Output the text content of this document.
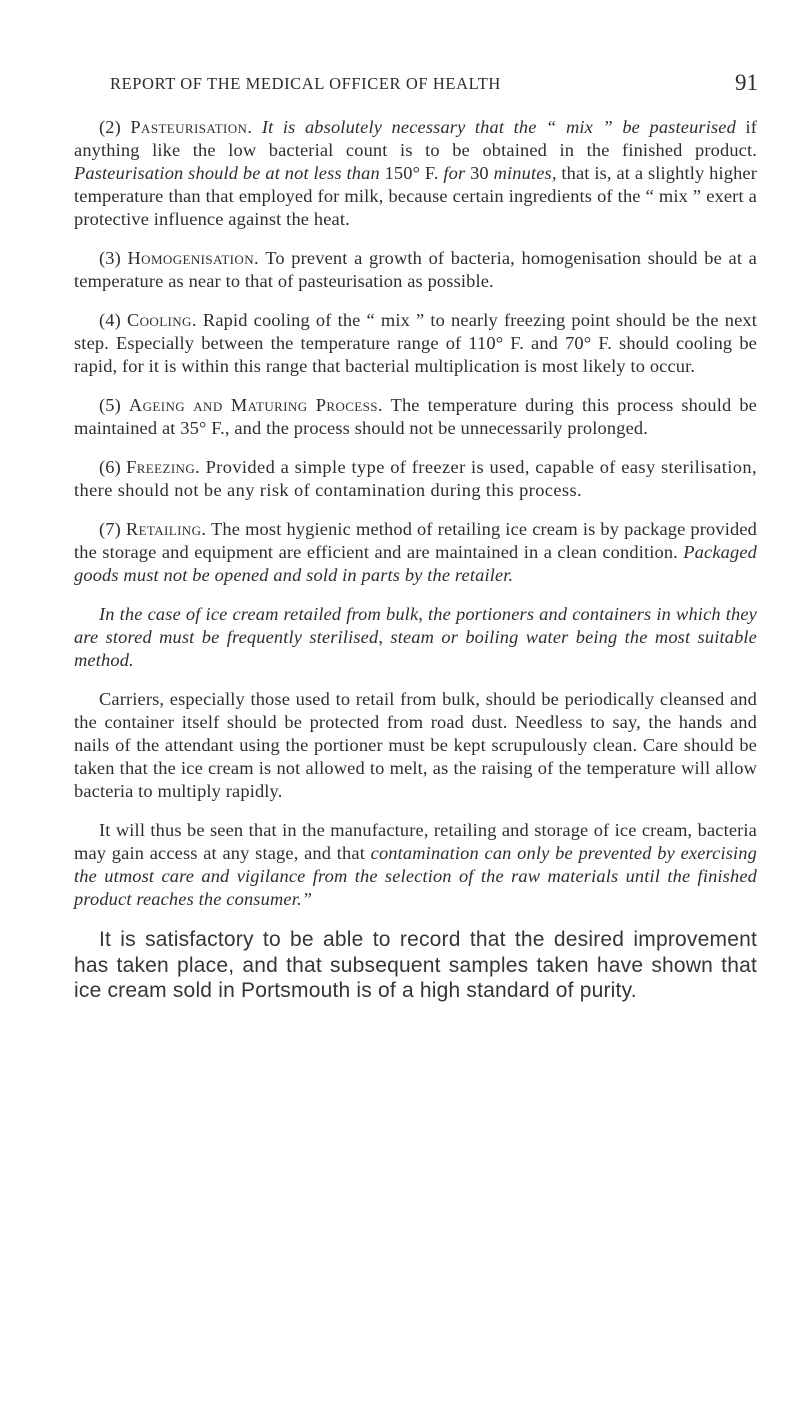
REPORT OF THE MEDICAL OFFICER OF HEALTH	91

(2) Pasteurisation. It is absolutely necessary that the “ mix ” be pasteurised if anything like the low bacterial count is to be obtained in the finished product. Pasteurisation should be at not less than 150° F. for 30 minutes, that is, at a slightly higher temperature than that employed for milk, because certain ingredients of the “ mix ” exert a protective influence against the heat.

(3) Homogenisation. To prevent a growth of bacteria, homogenisation should be at a temperature as near to that of pasteurisation as possible.

(4) Cooling. Rapid cooling of the “ mix ” to nearly freezing point should be the next step. Especially between the temperature range of 110° F. and 70° F. should cooling be rapid, for it is within this range that bacterial multiplication is most likely to occur.

(5) Ageing and Maturing Process. The temperature during this process should be maintained at 35° F., and the process should not be unnecessarily prolonged.

(6) Freezing. Provided a simple type of freezer is used, capable of easy sterilisation, there should not be any risk of contamination during this process.

(7) Retailing. The most hygienic method of retailing ice cream is by package provided the storage and equipment are efficient and are maintained in a clean condition. Packaged goods must not be opened and sold in parts by the retailer.

In the case of ice cream retailed from bulk, the portioners and containers in which they are stored must be frequently sterilised, steam or boiling water being the most suitable method.

Carriers, especially those used to retail from bulk, should be periodically cleansed and the container itself should be protected from road dust. Needless to say, the hands and nails of the attendant using the portioner must be kept scrupulously clean. Care should be taken that the ice cream is not allowed to melt, as the raising of the temperature will allow bacteria to multiply rapidly.

It will thus be seen that in the manufacture, retailing and storage of ice cream, bacteria may gain access at any stage, and that contamination can only be prevented by exercising the utmost care and vigilance from the selection of the raw materials until the finished product reaches the consumer.”

It is satisfactory to be able to record that the desired improvement has taken place, and that subsequent samples taken have shown that ice cream sold in Portsmouth is of a high standard of purity.
